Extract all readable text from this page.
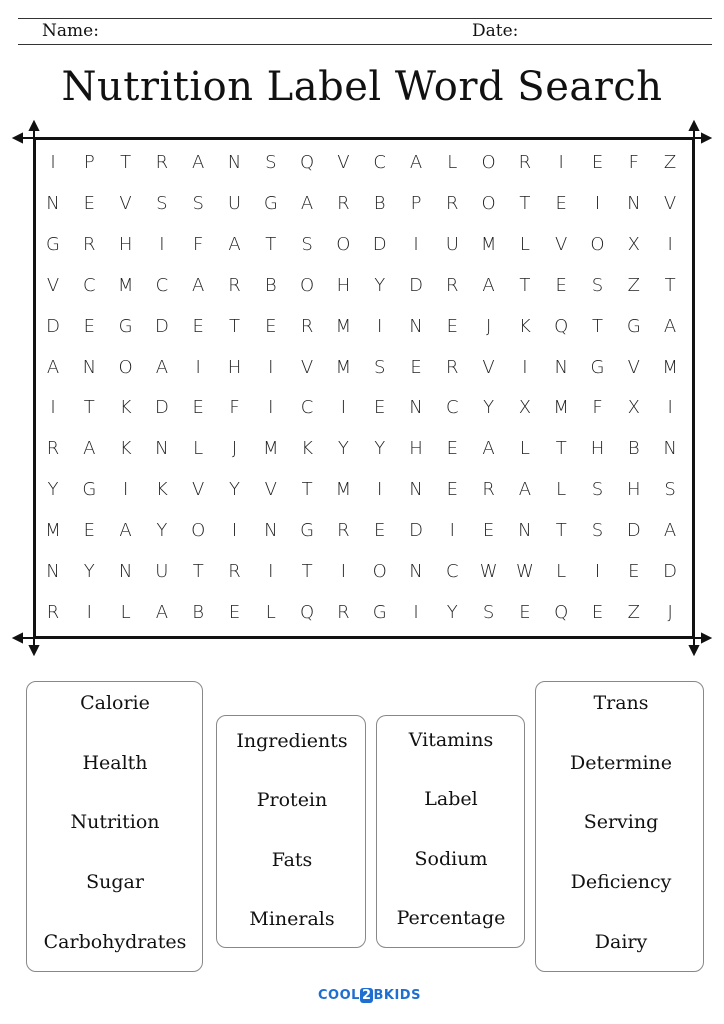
Name:	Date:
Nutrition Label Word Search
I	P	T	R	A	N	S	Q	V	C	A	L	O	R	I	E	F	Z
N	E	V	S	S	U	G	A	R	B	P	R	O	T	E	I	N	V
G	R	H	I	F	A	T	S	O	D	I	U	M	L	V	O	X	I
V	C	M	C	A	R	B	O	H	Y	D	R	A	T	E	S	Z	T
D	E	G	D	E	T	E	R	M	I	N	E	J	K	Q	T	G	A
A	N	O	A	I	H	I	V	M	S	E	R	V	I	N	G	V	M
I	T	K	D	E	F	I	C	I	E	N	C	Y	X	M	F	X	I
R	A	K	N	L	J	M	K	Y	Y	H	E	A	L	T	H	B	N
Y	G	I	K	V	Y	V	T	M	I	N	E	R	A	L	S	H	S
M	E	A	Y	O	I	N	G	R	E	D	I	E	N	T	S	D	A
N	Y	N	U	T	R	I	T	I	O	N	C	W	W	L	I	E	D
R	I	L	A	B	E	L	Q	R	G	I	Y	S	E	Q	E	Z	J
Calorie
Health
Nutrition
Sugar
Carbohydrates
Ingredients
Protein
Fats
Minerals
Vitamins
Label
Sodium
Percentage
Trans
Determine
Serving
Deficiency
Dairy
COOL 2 BKIDS
